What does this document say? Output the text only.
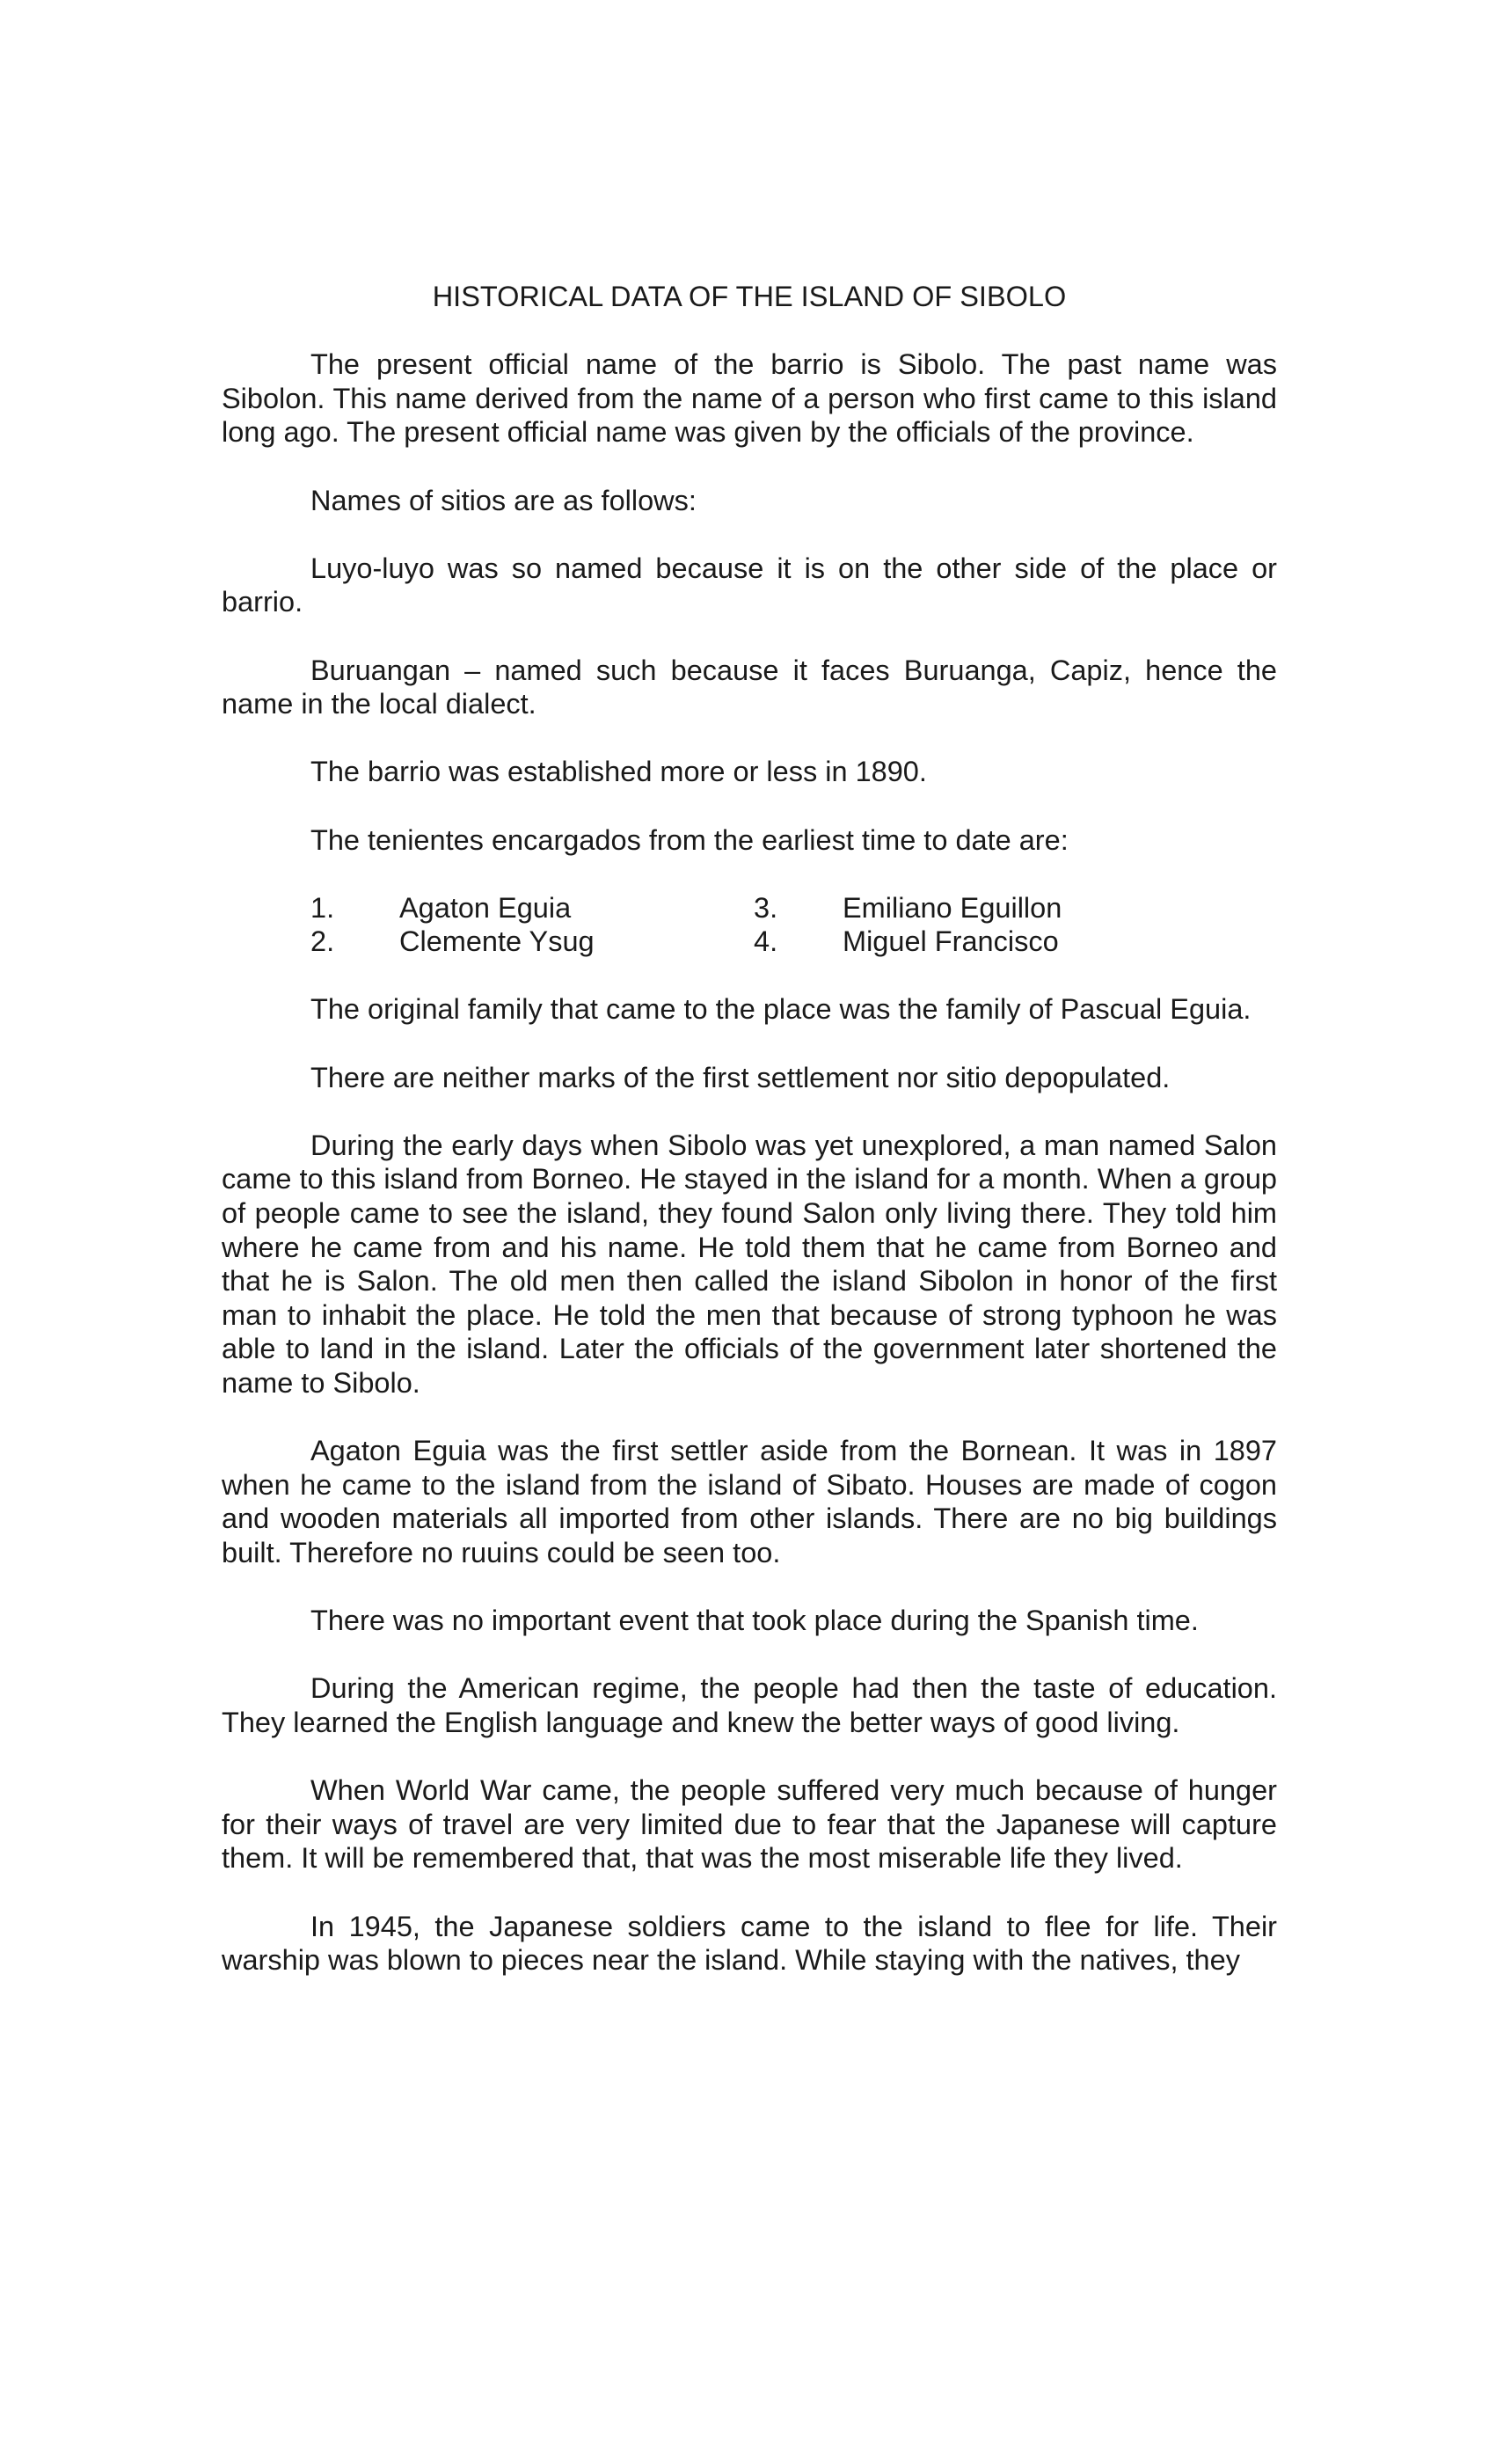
HISTORICAL DATA OF THE ISLAND OF SIBOLO

The present official name of the barrio is Sibolo. The past name was Sibolon. This name derived from the name of a person who first came to this island long ago. The present official name was given by the officials of the province.

Names of sitios are as follows:

Luyo-luyo was so named because it is on the other side of the place or barrio.

Buruangan – named such because it faces Buruanga, Capiz, hence the name in the local dialect.

The barrio was established more or less in 1890.

The tenientes encargados from the earliest time to date are:

1.	Agaton Eguia	3.	Emiliano Eguillon
2.	Clemente Ysug	4.	Miguel Francisco

The original family that came to the place was the family of Pascual Eguia.

There are neither marks of the first settlement nor sitio depopulated.

During the early days when Sibolo was yet unexplored, a man named Salon came to this island from Borneo. He stayed in the island for a month. When a group of people came to see the island, they found Salon only living there. They told him where he came from and his name. He told them that he came from Borneo and that he is Salon. The old men then called the island Sibolon in honor of the first man to inhabit the place. He told the men that because of strong typhoon he was able to land in the island. Later the officials of the government later shortened the name to Sibolo.

Agaton Eguia was the first settler aside from the Bornean. It was in 1897 when he came to the island from the island of Sibato. Houses are made of cogon and wooden materials all imported from other islands. There are no big buildings built. Therefore no ruuins could be seen too.

There was no important event that took place during the Spanish time.

During the American regime, the people had then the taste of education. They learned the English language and knew the better ways of good living.

When World War came, the people suffered very much because of hunger for their ways of travel are very limited due to fear that the Japanese will capture them. It will be remembered that, that was the most miserable life they lived.

In 1945, the Japanese soldiers came to the island to flee for life. Their warship was blown to pieces near the island. While staying with the natives, they
